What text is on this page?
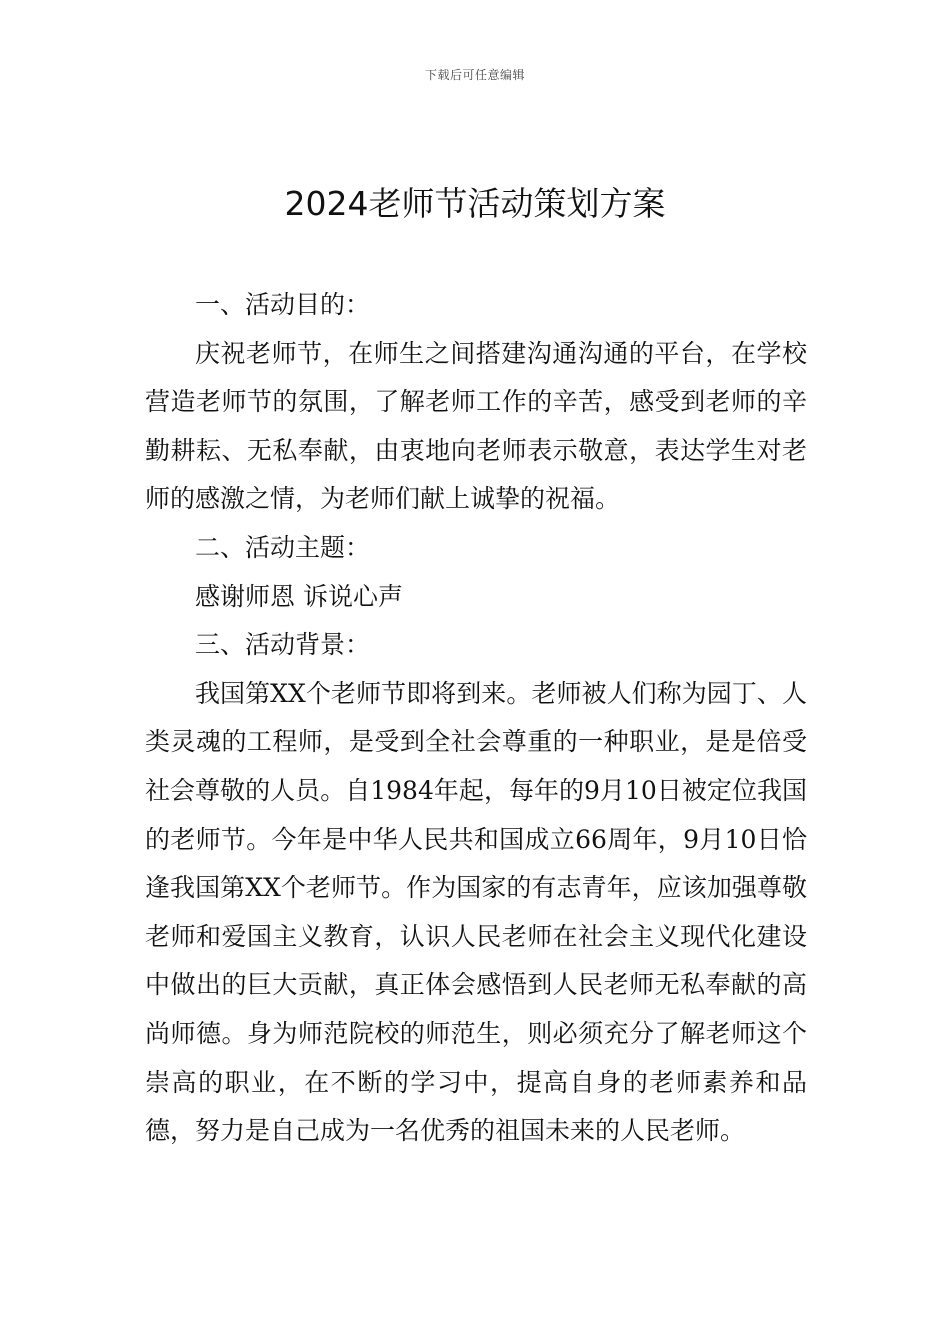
下载后可任意编辑
2024老师节活动策划方案

一、活动目的：

庆祝老师节，在师生之间搭建沟通沟通的平台，在学校营造老师节的氛围，了解老师工作的辛苦，感受到老师的辛勤耕耘、无私奉献，由衷地向老师表示敬意，表达学生对老师的感激之情，为老师们献上诚挚的祝福。

二、活动主题：

感谢师恩 诉说心声

三、活动背景：

我国第XX个老师节即将到来。老师被人们称为园丁、人类灵魂的工程师，是受到全社会尊重的一种职业，是是倍受社会尊敬的人员。自1984年起，每年的9月10日被定位我国的老师节。今年是中华人民共和国成立66周年，9月10日恰逢我国第XX个老师节。作为国家的有志青年，应该加强尊敬老师和爱国主义教育，认识人民老师在社会主义现代化建设中做出的巨大贡献，真正体会感悟到人民老师无私奉献的高尚师德。身为师范院校的师范生，则必须充分了解老师这个崇高的职业，在不断的学习中，提高自身的老师素养和品德，努力是自己成为一名优秀的祖国未来的人民老师。
